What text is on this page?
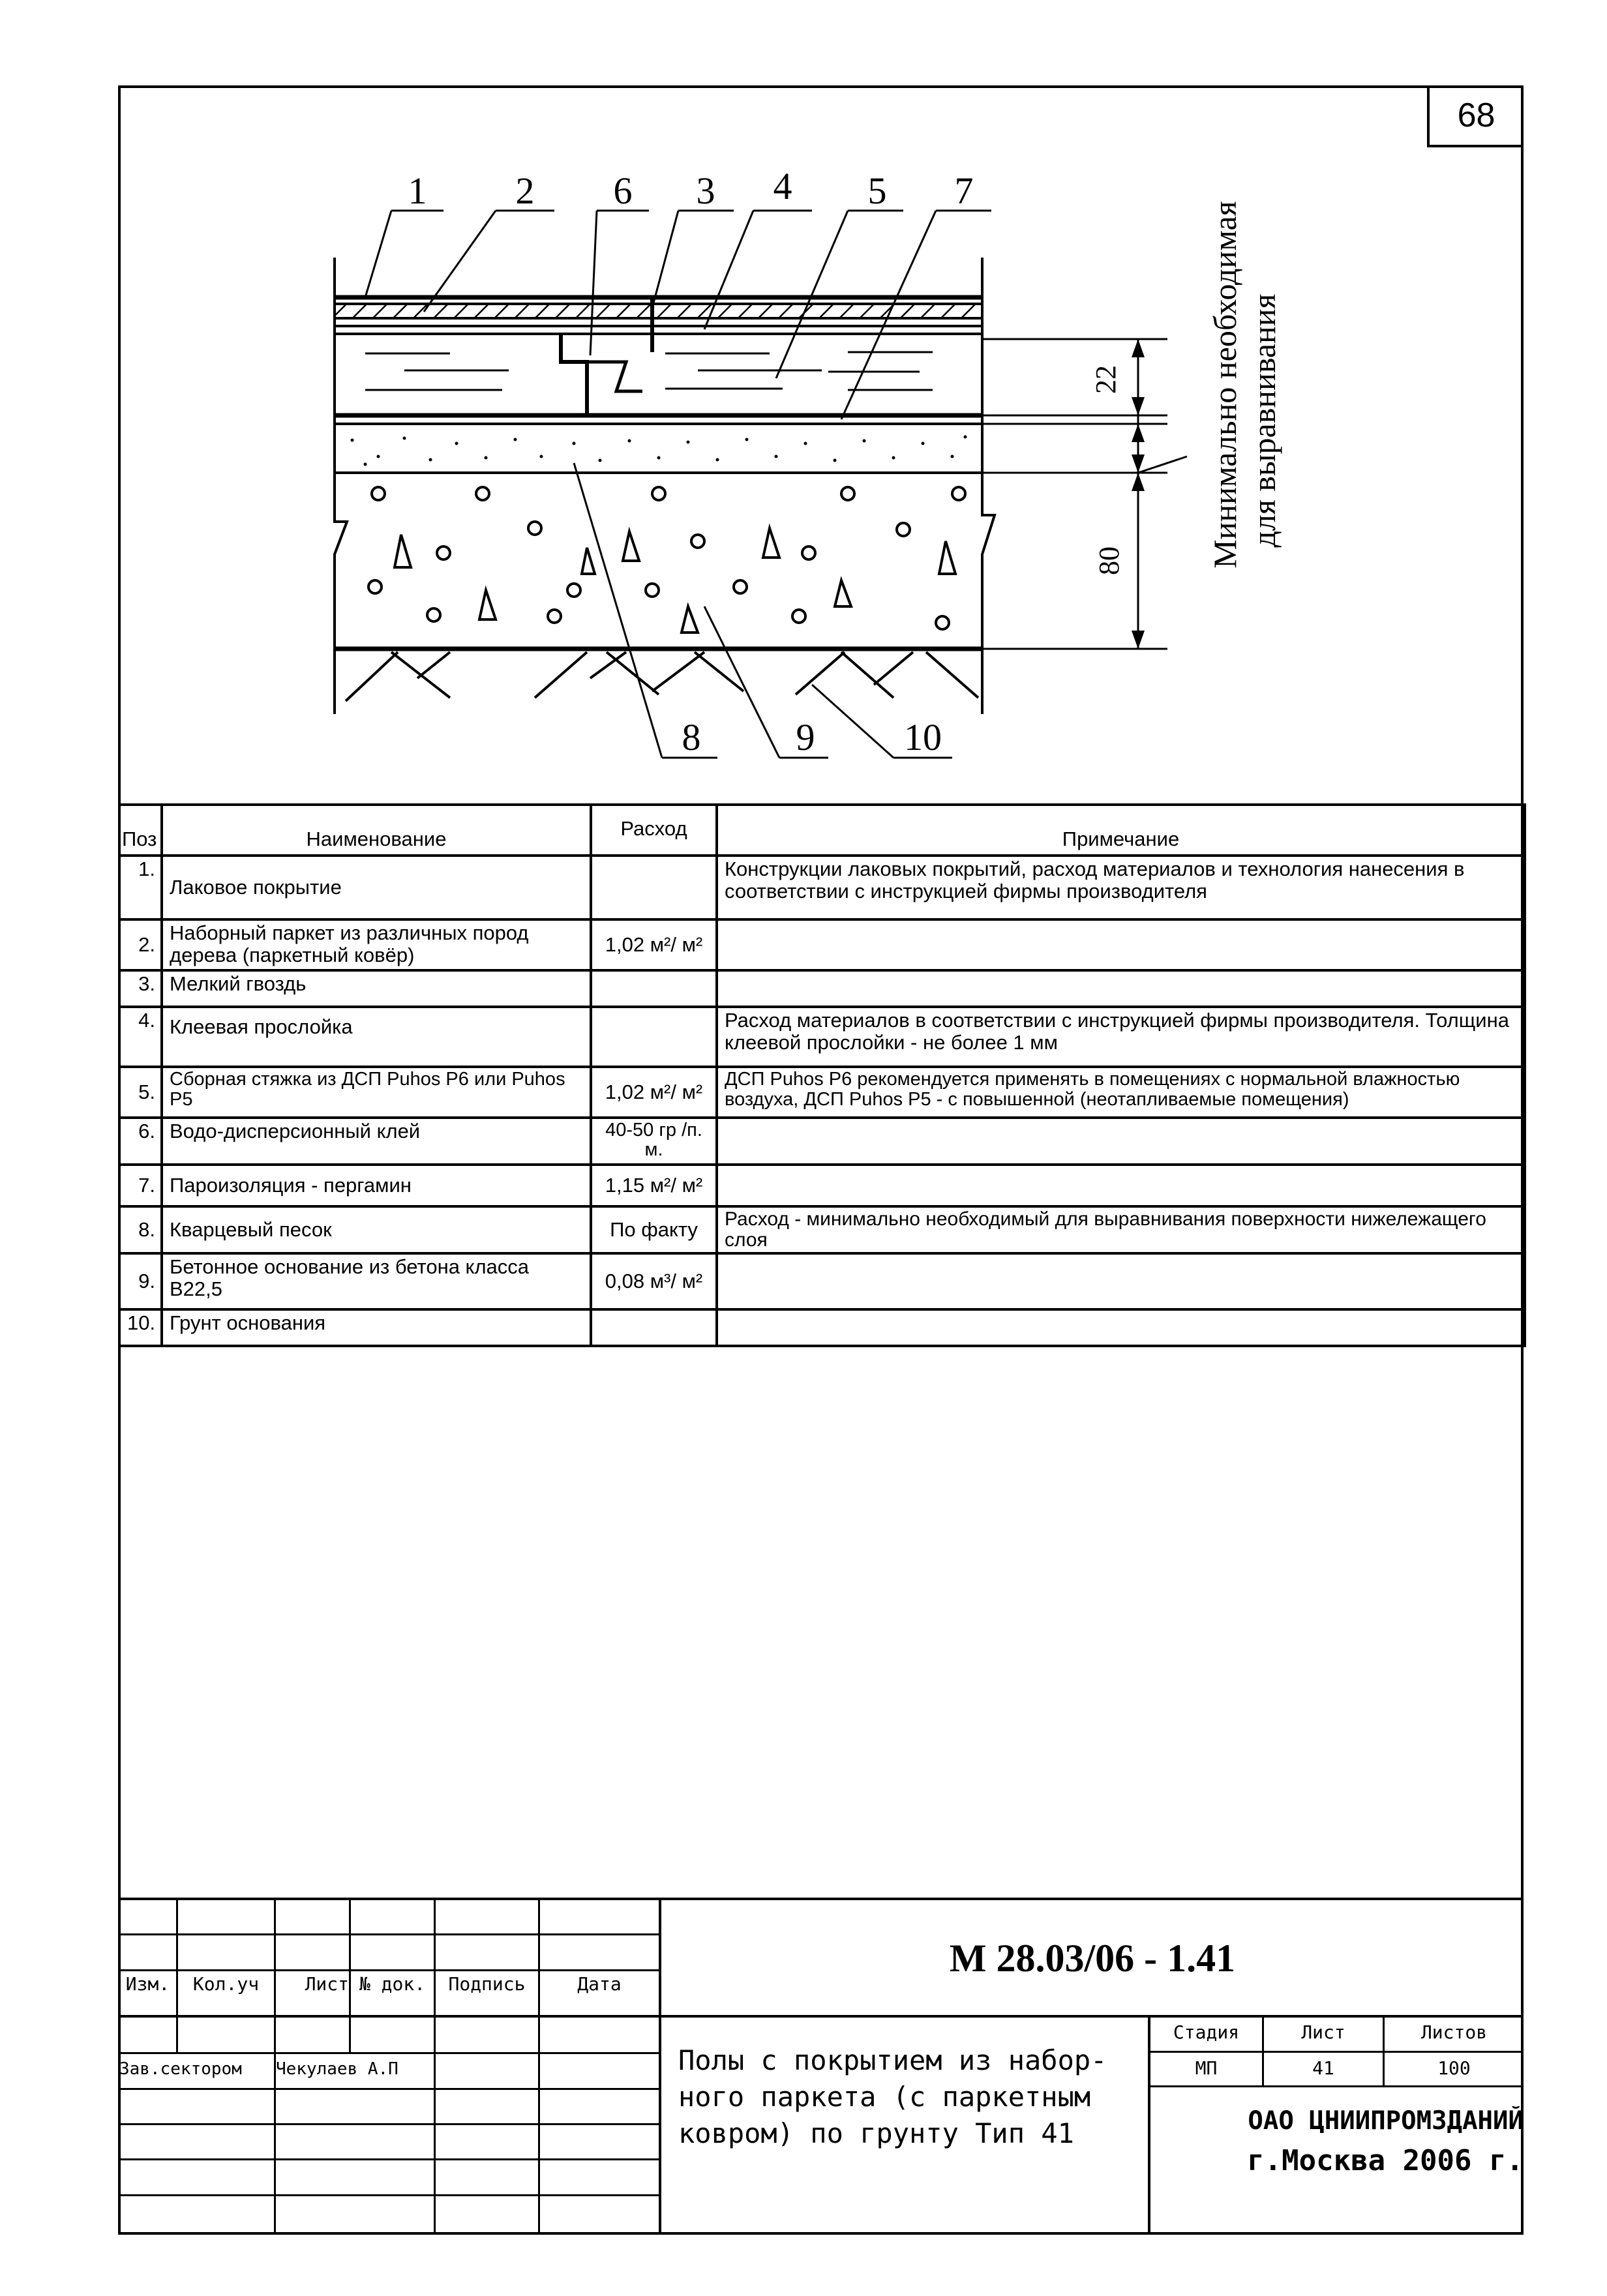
68
1 2 6 3 4 5 7
8	9 10
22
80	Минимально необходимая для выравнивания
Поз	Наименование	Расход	Примечание
1.	Лаковое покрытие		Конструкции лаковых покрытий, расход материалов и технология нанесения в соответствии с инструкцией фирмы производителя
2.	Наборный паркет из различных пород дерева (паркетный ковёр)	1,02 м²/ м²	
3.	Мелкий гвоздь		
4.	Клеевая прослойка		Расход материалов в соответствии с инструкцией фирмы производителя. Толщина клеевой прослойки - не более 1 мм
5.	Сборная стяжка из ДСП Puhos P6 или Puhos P5	1,02 м²/ м²	ДСП Puhos P6 рекомендуется применять в помещениях с нормальной влажностью воздуха, ДСП Puhos P5 - с повышенной (неотапливаемые помещения)
6.	Водо-дисперсионный клей	40-50 гр /п. м.	
7.	Пароизоляция - пергамин	1,15 м²/ м²	
8.	Кварцевый песок	По факту	Расход - минимально необходимый для выравнивания поверхности нижележащего слоя
9.	Бетонное основание из бетона класса В22,5	0,08 м³/ м²	
10.	Грунт основания		
М 28.03/06 - 1.41
Изм.	Кол.уч	Лист № док.	Подпись	Дата
Зав.сектором	Чекулаев А.П	Полы с покрытием из набор-
ного паркета (с паркетным
ковром) по грунту Тип 41
Стадия	Лист	Листов
МП	41	100
ОАО ЦНИИПРОМЗДАНИЙ
г.Москва 2006 г.
